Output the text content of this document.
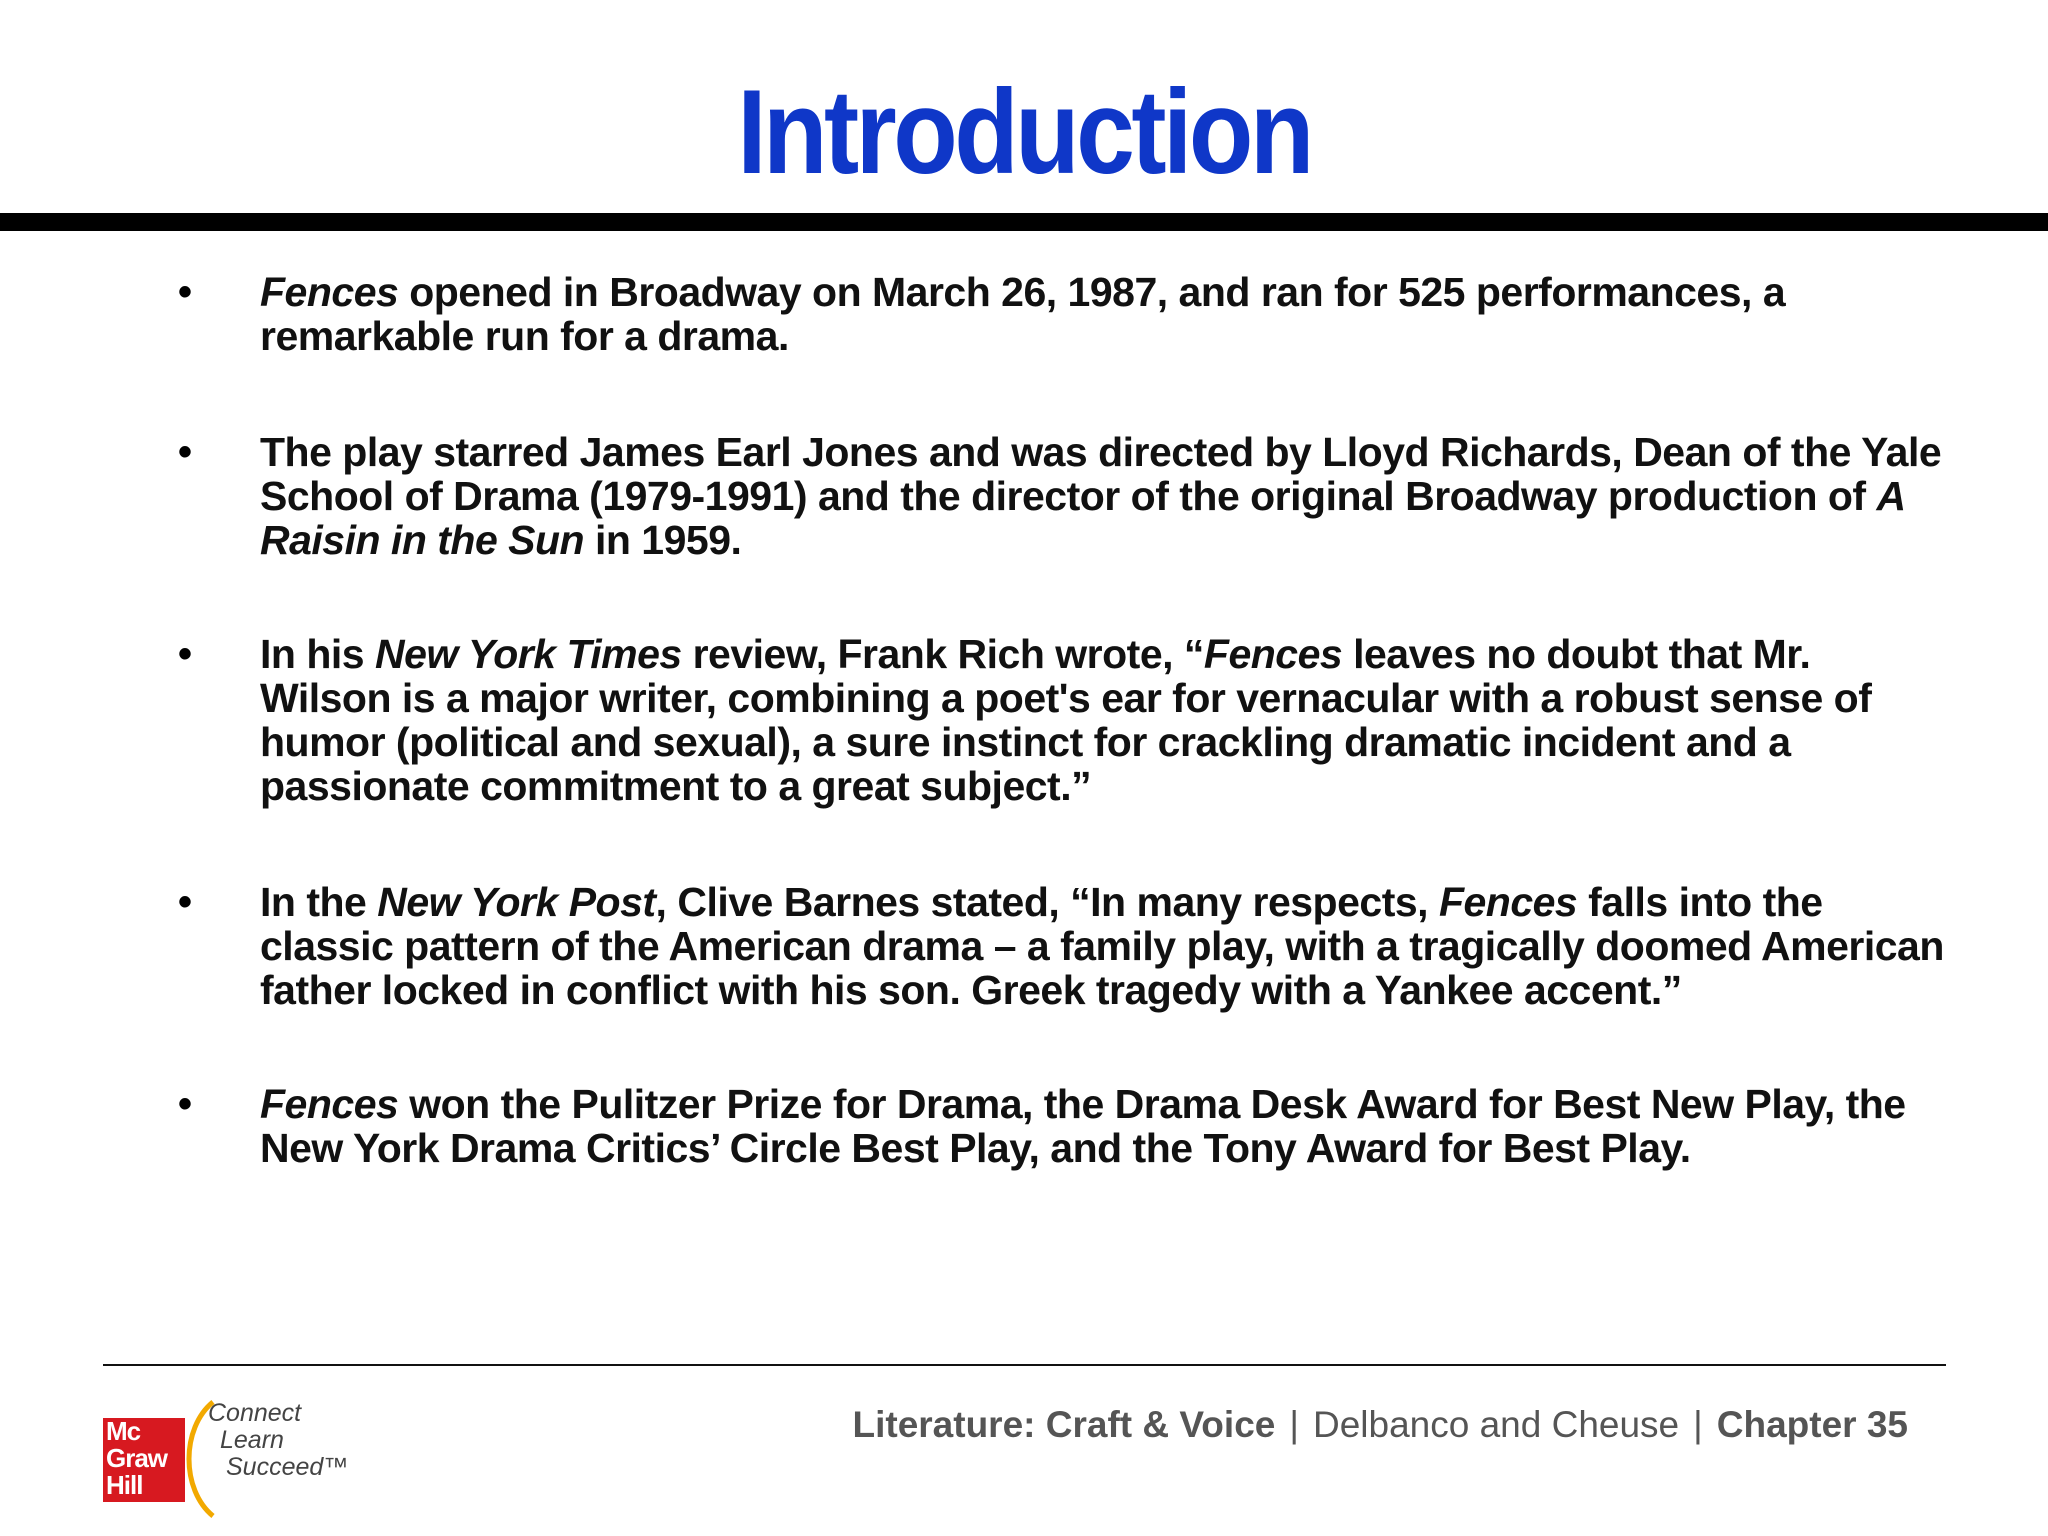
Introduction
•	Fences opened in Broadway on March 26, 1987, and ran for 525 performances, a remarkable run for a drama.
•	The play starred James Earl Jones and was directed by Lloyd Richards, Dean of the Yale School of Drama (1979-1991) and the director of the original Broadway production of A Raisin in the Sun in 1959.
•	In his New York Times review, Frank Rich wrote, “Fences leaves no doubt that Mr. Wilson is a major writer, combining a poet's ear for vernacular with a robust sense of humor (political and sexual), a sure instinct for crackling dramatic incident and a passionate commitment to a great subject.”
•	In the New York Post, Clive Barnes stated, “In many respects, Fences falls into the classic pattern of the American drama – a family play, with a tragically doomed American father locked in conflict with his son. Greek tragedy with a Yankee accent.”
•	Fences won the Pulitzer Prize for Drama, the Drama Desk Award for Best New Play, the New York Drama Critics’ Circle Best Play, and the Tony Award for Best Play.
Mc
Graw
Hill
Connect
Learn
Succeed™
Literature: Craft & Voice | Delbanco and Cheuse | Chapter 35
